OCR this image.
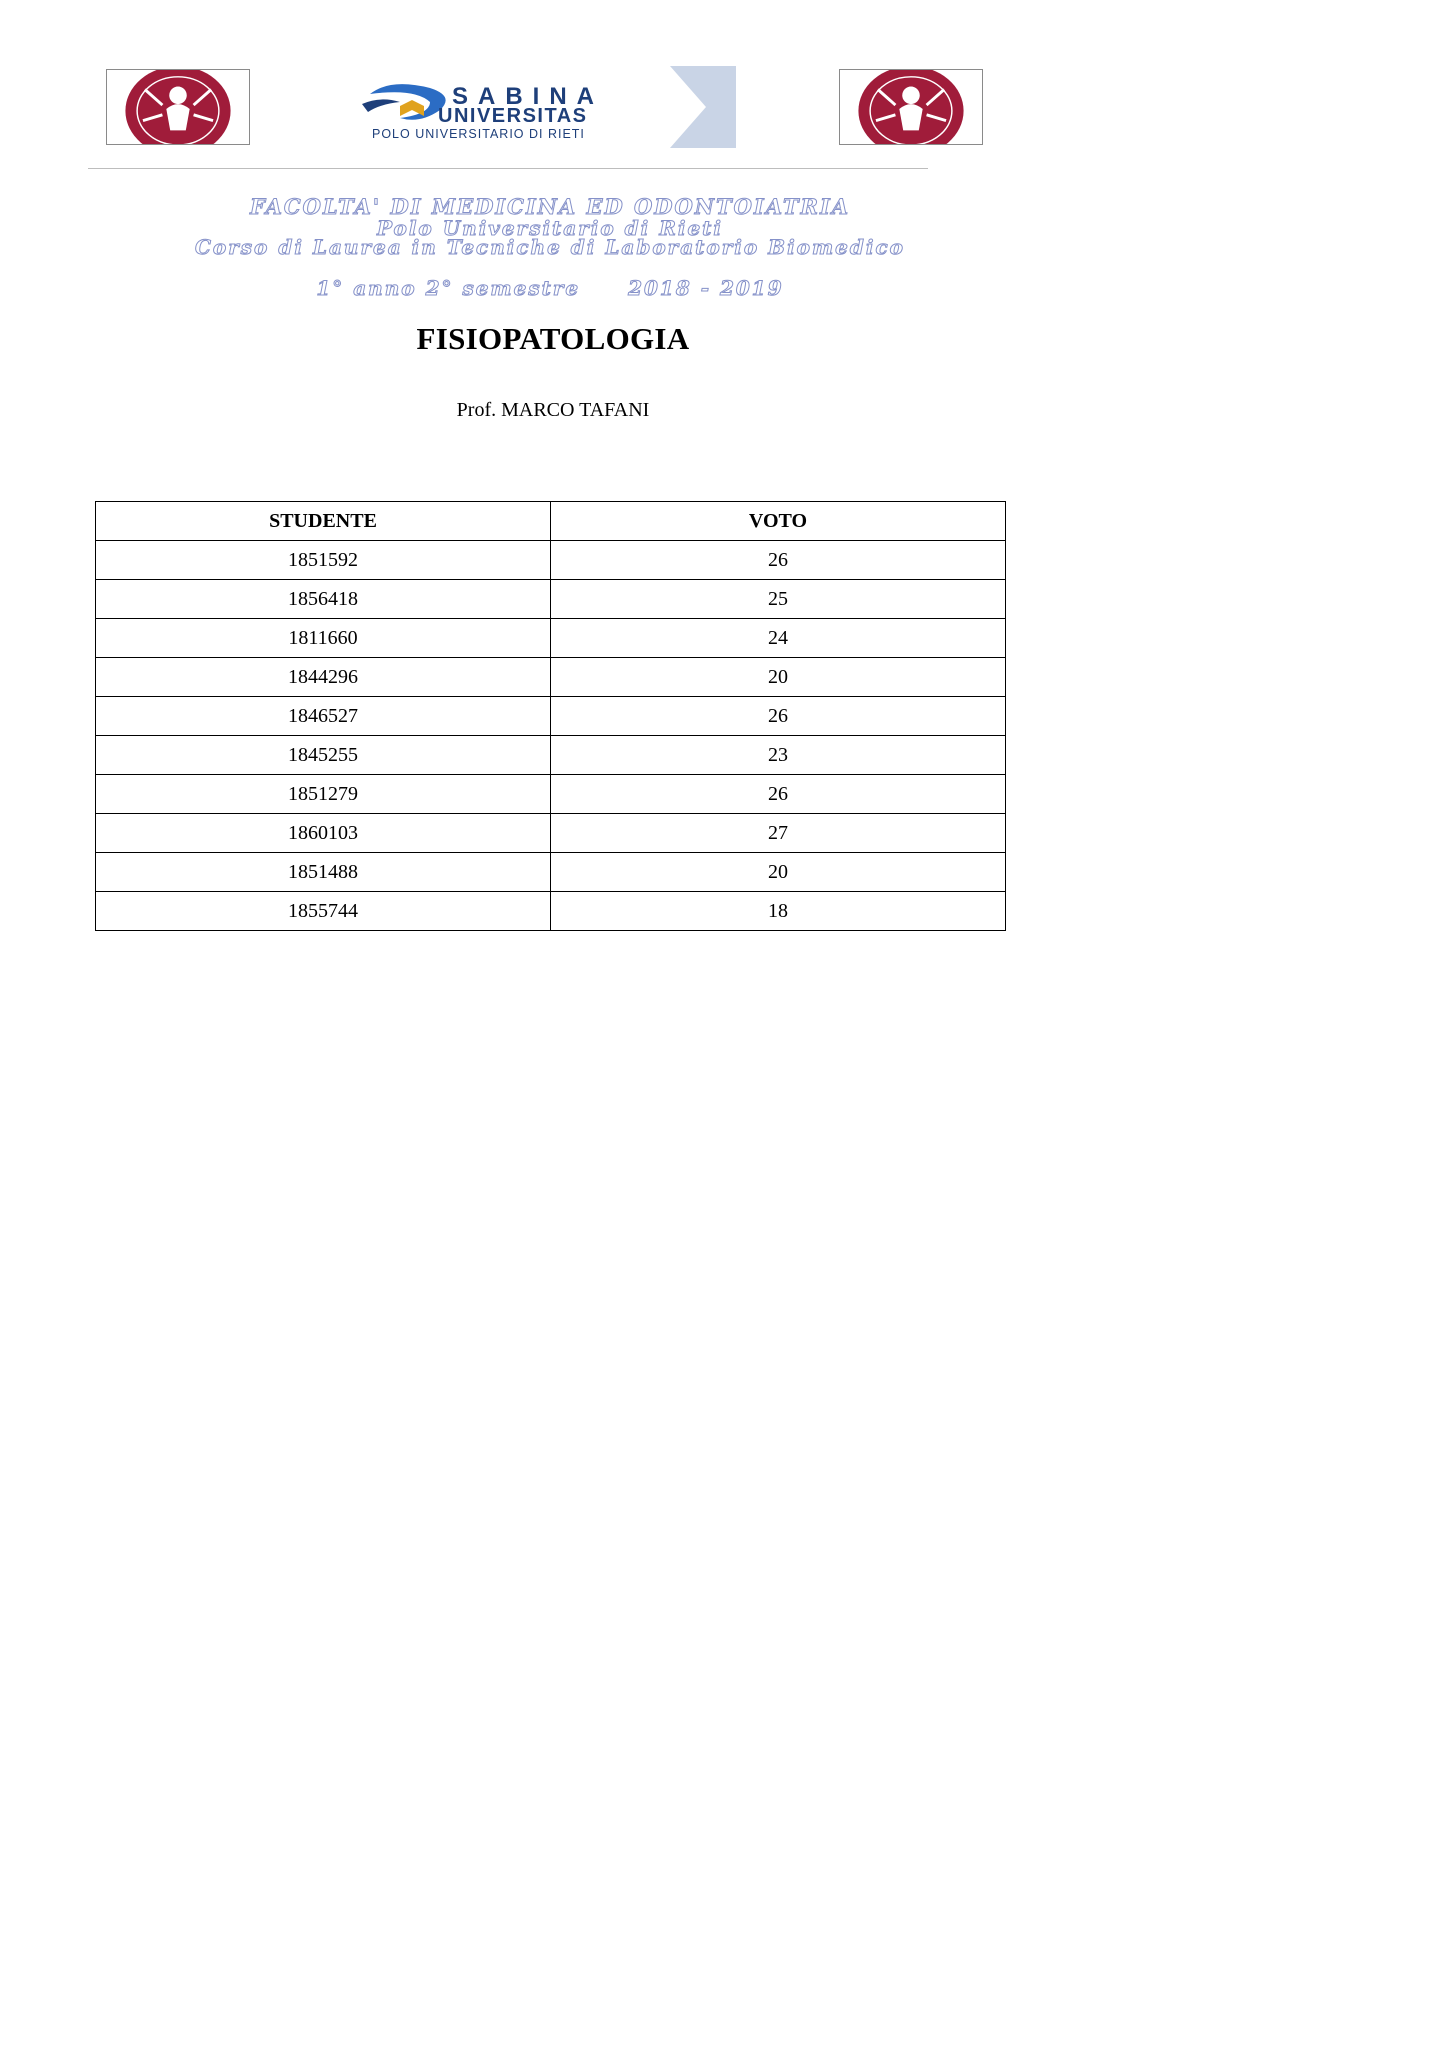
SABINA
UNIVERSITAS
POLO UNIVERSITARIO DI RIETI
FACOLTA' DI MEDICINA ED ODONTOIATRIA
Polo Universitario di Rieti
Corso di Laurea in Tecniche di Laboratorio Biomedico
1° anno 2° semestre 2018 - 2019
FISIOPATOLOGIA
Prof. MARCO TAFANI
STUDENTE	VOTO
1851592	26
1856418	25
1811660	24
1844296	20
1846527	26
1845255	23
1851279	26
1860103	27
1851488	20
1855744	18
